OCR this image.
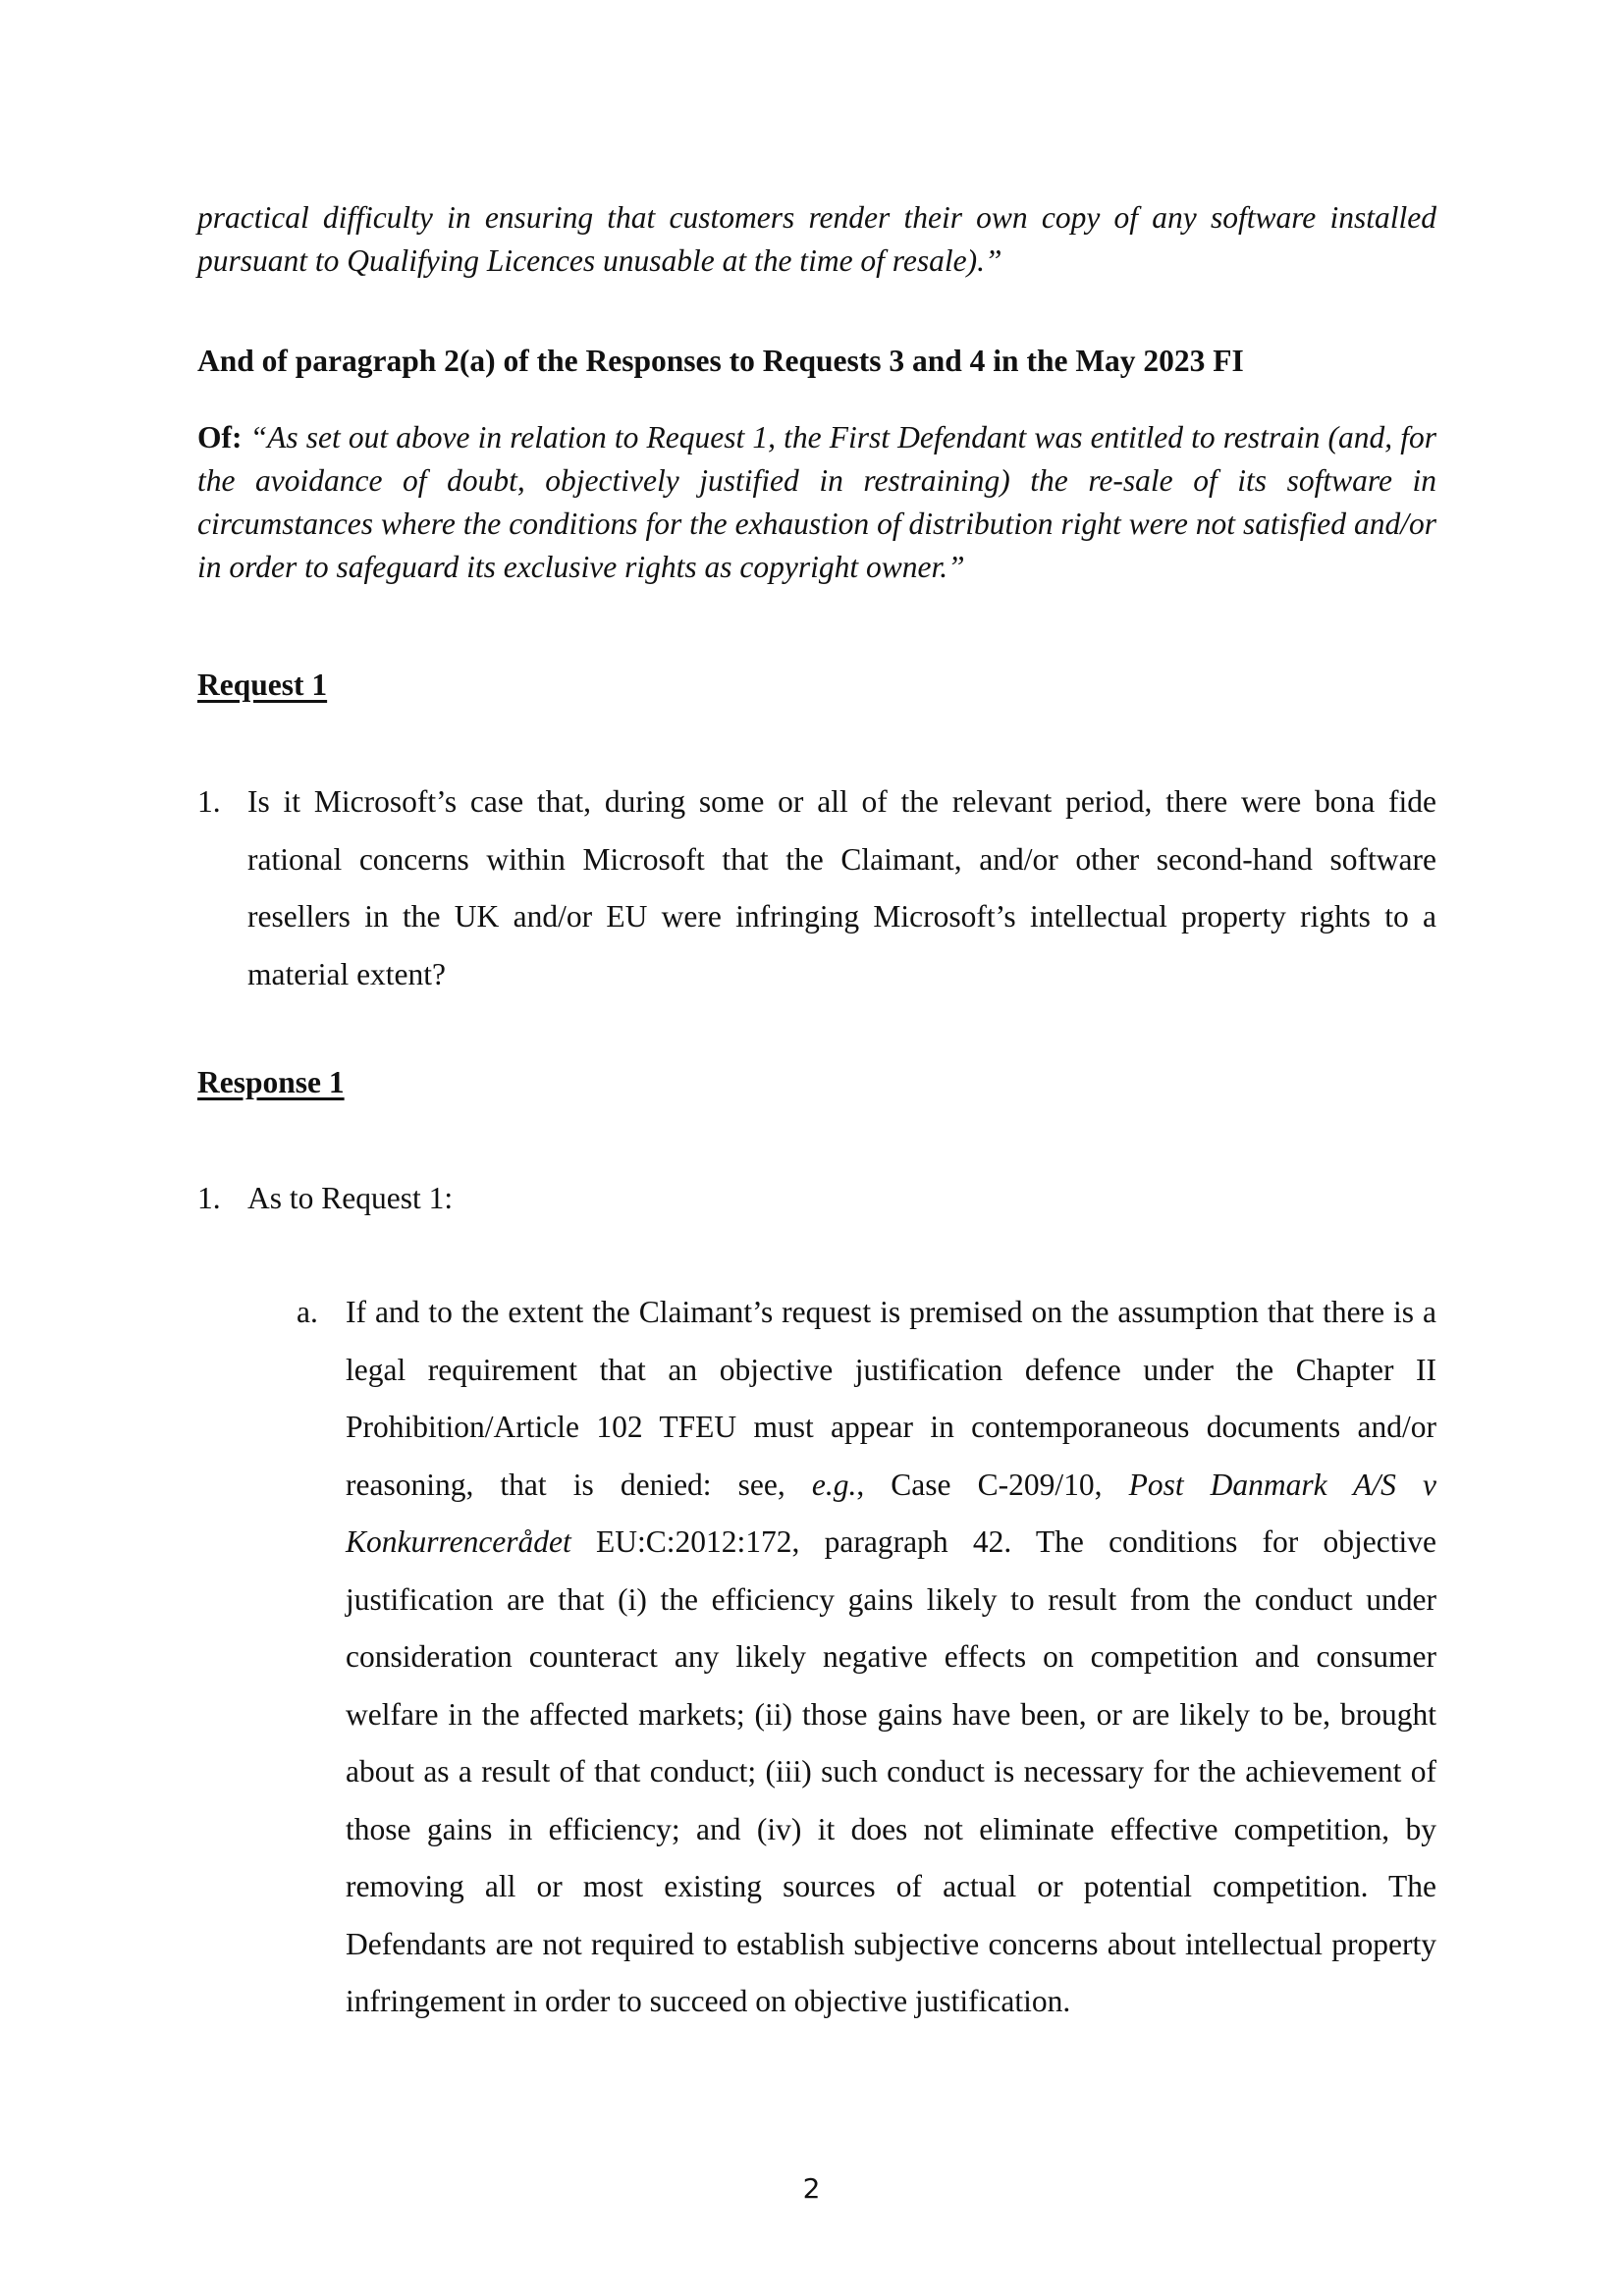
practical difficulty in ensuring that customers render their own copy of any software installed pursuant to Qualifying Licences unusable at the time of resale).”
And of paragraph 2(a) of the Responses to Requests 3 and 4 in the May 2023 FI
Of: “As set out above in relation to Request 1, the First Defendant was entitled to restrain (and, for the avoidance of doubt, objectively justified in restraining) the re-sale of its software in circumstances where the conditions for the exhaustion of distribution right were not satisfied and/or in order to safeguard its exclusive rights as copyright owner.”
Request 1
1. Is it Microsoft’s case that, during some or all of the relevant period, there were bona fide rational concerns within Microsoft that the Claimant, and/or other second-hand software resellers in the UK and/or EU were infringing Microsoft’s intellectual property rights to a material extent?
Response 1
1. As to Request 1:
a. If and to the extent the Claimant’s request is premised on the assumption that there is a legal requirement that an objective justification defence under the Chapter II Prohibition/Article 102 TFEU must appear in contemporaneous documents and/or reasoning, that is denied: see, e.g., Case C-209/10, Post Danmark A/S v Konkurrencerådet EU:C:2012:172, paragraph 42. The conditions for objective justification are that (i) the efficiency gains likely to result from the conduct under consideration counteract any likely negative effects on competition and consumer welfare in the affected markets; (ii) those gains have been, or are likely to be, brought about as a result of that conduct; (iii) such conduct is necessary for the achievement of those gains in efficiency; and (iv) it does not eliminate effective competition, by removing all or most existing sources of actual or potential competition. The Defendants are not required to establish subjective concerns about intellectual property infringement in order to succeed on objective justification.
2
